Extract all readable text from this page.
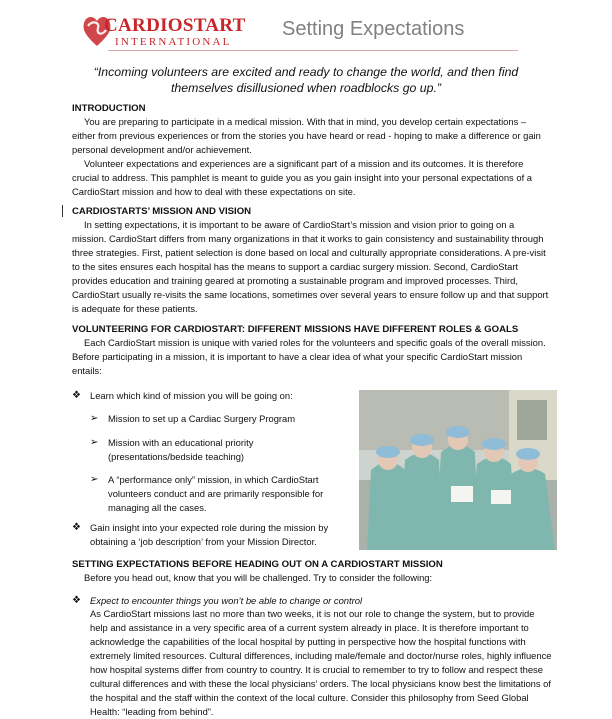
CARDIOSTART
INTERNATIONAL
Setting Expectations
“Incoming volunteers are excited and ready to change the world, and then find themselves disillusioned when roadblocks go up.”
INTRODUCTION

You are preparing to participate in a medical mission. With that in mind, you develop certain expectations – either from previous experiences or from the stories you have heard or read - hoping to make a difference or gain personal development and/or achievement.

Volunteer expectations and experiences are a significant part of a mission and its outcomes. It is therefore crucial to address. This pamphlet is meant to guide you as you gain insight into your personal expectations of a CardioStart mission and how to deal with these expectations on site.

CARDIOSTARTS’ MISSION AND VISION

In setting expectations, it is important to be aware of CardioStart’s mission and vision prior to going on a mission. CardioStart differs from many organizations in that it works to gain consistency and sustainability through three strategies. First, patient selection is done based on local and culturally appropriate considerations. A pre-visit to the sites ensures each hospital has the means to support a cardiac surgery mission. Second, CardioStart provides education and training geared at promoting a sustainable program and improved processes. Third, CardioStart usually re-visits the same locations, sometimes over several years to ensure follow up and that support is adequate for these patients.

VOLUNTEERING FOR CARDIOSTART: DIFFERENT MISSIONS HAVE DIFFERENT ROLES & GOALS

Each CardioStart mission is unique with varied roles for the volunteers and specific goals of the overall mission. Before participating in a mission, it is important to have a clear idea of what your specific CardioStart mission entails:

❖ Learn which kind of mission you will be going on:
➢ Mission to set up a Cardiac Surgery Program
➢ Mission with an educational priority (presentations/bedside teaching)
➢ A “performance only” mission, in which CardioStart volunteers conduct and are primarily responsible for managing all the cases.
❖ Gain insight into your expected role during the mission by obtaining a ‘job description’ from your Mission Director.
SETTING EXPECTATIONS BEFORE HEADING OUT ON A CARDIOSTART MISSION

Before you head out, know that you will be challenged. Try to consider the following:

❖ Expect to encounter things you won’t be able to change or control

As CardioStart missions last no more than two weeks, it is not our role to change the system, but to provide help and assistance in a very specific area of a current system already in place. It is therefore important to acknowledge the capabilities of the local hospital by putting in perspective how the hospital functions with extremely limited resources. Cultural differences, including male/female and doctor/nurse roles, highly influence how hospital systems differ from country to country. It is crucial to remember to try to follow and respect these cultural differences and with these the local physicians’ orders. The local physicians know best the limitations of the hospital and the staff within the context of the local culture. Consider this philosophy from Seed Global Health: “leading from behind”.
